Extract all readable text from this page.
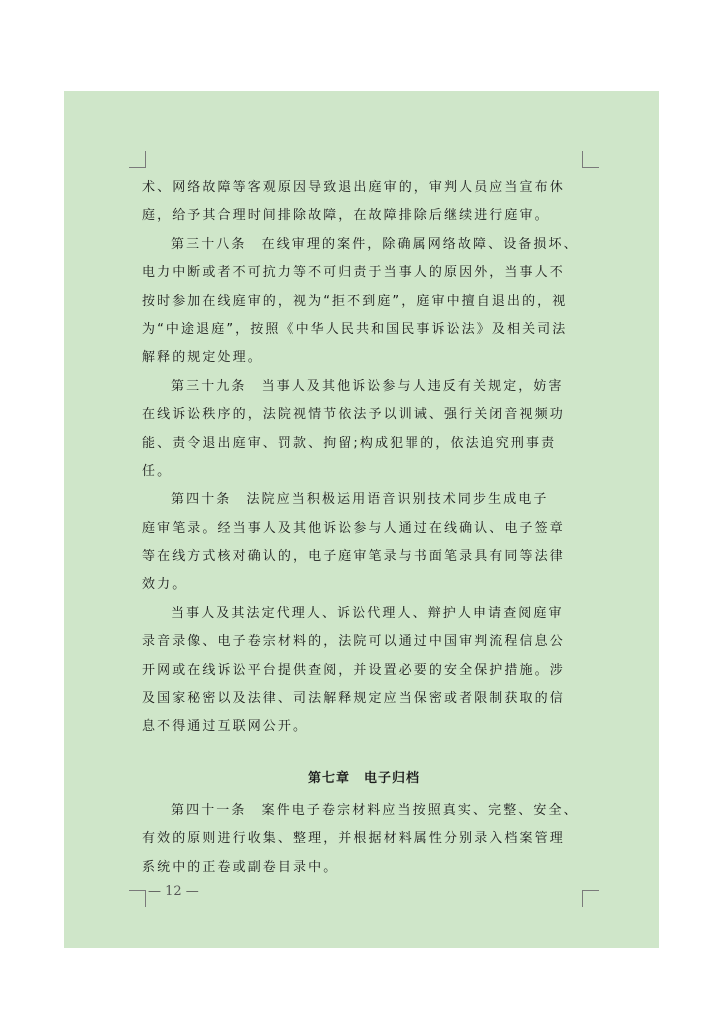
术、网络故障等客观原因导致退出庭审的，审判人员应当宣布休
庭，给予其合理时间排除故障，在故障排除后继续进行庭审。
第三十八条　在线审理的案件，除确属网络故障、设备损坏、
电力中断或者不可抗力等不可归责于当事人的原因外，当事人不
按时参加在线庭审的，视为“拒不到庭”，庭审中擅自退出的，视
为“中途退庭”，按照《中华人民共和国民事诉讼法》及相关司法
解释的规定处理。
第三十九条　当事人及其他诉讼参与人违反有关规定，妨害
在线诉讼秩序的，法院视情节依法予以训诫、强行关闭音视频功
能、责令退出庭审、罚款、拘留;构成犯罪的，依法追究刑事责
任。
第四十条　法院应当积极运用语音识别技术同步生成电子
庭审笔录。经当事人及其他诉讼参与人通过在线确认、电子签章
等在线方式核对确认的，电子庭审笔录与书面笔录具有同等法律
效力。
当事人及其法定代理人、诉讼代理人、辩护人申请查阅庭审
录音录像、电子卷宗材料的，法院可以通过中国审判流程信息公
开网或在线诉讼平台提供查阅，并设置必要的安全保护措施。涉
及国家秘密以及法律、司法解释规定应当保密或者限制获取的信
息不得通过互联网公开。
第七章　电子归档
第四十一条　案件电子卷宗材料应当按照真实、完整、安全、
有效的原则进行收集、整理，并根据材料属性分别录入档案管理
系统中的正卷或副卷目录中。
— 12 —
